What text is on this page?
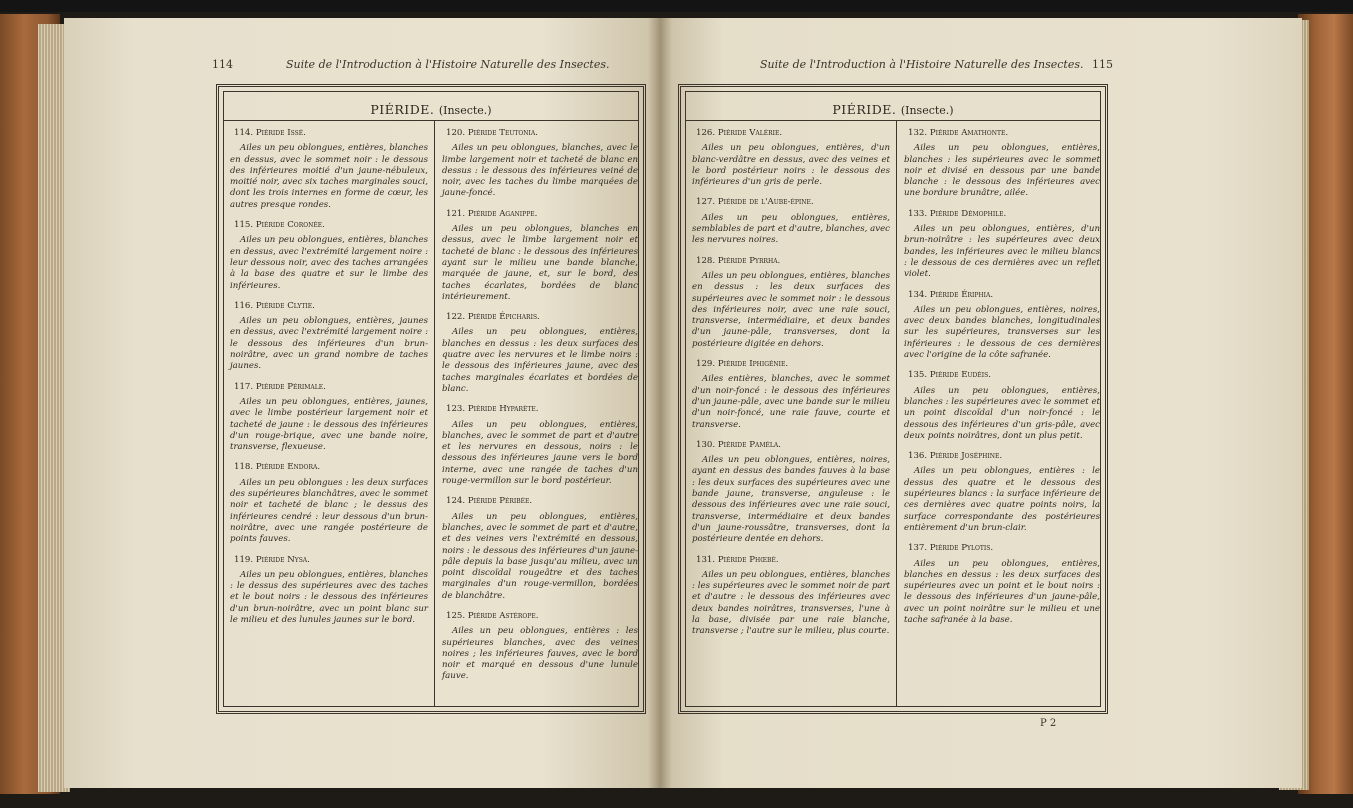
114	Suite de l'Introduction à l'Histoire Naturelle des Insectes.
PIÉRIDE. (Insecte.)
114. Piéride Issé.
Ailes un peu oblongues, entières, blanches en dessus, avec le sommet noir : le dessous des inférieures moitié d'un jaune-nébuleux, moitié noir, avec six taches marginales souci, dont les trois internes en forme de cœur, les autres presque rondes.
115. Piéride Coronée.
Ailes un peu oblongues, entières, blanches en dessus, avec l'extrémité largement noire : leur dessous noir, avec des taches arrangées à la base des quatre et sur le limbe des inférieures.
116. Piéride Clytie.
Ailes un peu oblongues, entières, jaunes en dessus, avec l'extrémité largement noire : le dessous des inférieures d'un brun-noirâtre, avec un grand nombre de taches jaunes.
117. Piéride Périmale.
Ailes un peu oblongues, entières, jaunes, avec le limbe postérieur largement noir et tacheté de jaune : le dessous des inférieures d'un rouge-brique, avec une bande noire, transverse, flexueuse.
118. Piéride Endora.
Ailes un peu oblongues : les deux surfaces des supérieures blanchâtres, avec le sommet noir et tacheté de blanc ; le dessus des inférieures cendré : leur dessous d'un brun-noirâtre, avec une rangée postérieure de points fauves.
119. Piéride Nysa.
Ailes un peu oblongues, entières, blanches : le dessus des supérieures avec des taches et le bout noirs : le dessous des inférieures d'un brun-noirâtre, avec un point blanc sur le milieu et des lunules jaunes sur le bord.
120. Piéride Teutonia.
Ailes un peu oblongues, blanches, avec le limbe largement noir et tacheté de blanc en dessus : le dessous des inférieures veiné de noir, avec les taches du limbe marquées de jaune-foncé.
121. Piéride Aganippe.
Ailes un peu oblongues, blanches en dessus, avec le limbe largement noir et tacheté de blanc : le dessous des inférieures ayant sur le milieu une bande blanche, marquée de jaune, et, sur le bord, des taches écarlates, bordées de blanc intérieurement.
122. Piéride Épicharis.
Ailes un peu oblongues, entières, blanches en dessus : les deux surfaces des quatre avec les nervures et le limbe noirs : le dessous des inférieures jaune, avec des taches marginales écarlates et bordées de blanc.
123. Piéride Hyparète.
Ailes un peu oblongues, entières, blanches, avec le sommet de part et d'autre et les nervures en dessous, noirs : le dessous des inférieures jaune vers le bord interne, avec une rangée de taches d'un rouge-vermillon sur le bord postérieur.
124. Piéride Péribée.
Ailes un peu oblongues, entières, blanches, avec le sommet de part et d'autre, et des veines vers l'extrémité en dessous, noirs : le dessous des inférieures d'un jaune-pâle depuis la base jusqu'au milieu, avec un point discoïdal rougeâtre et des taches marginales d'un rouge-vermillon, bordées de blanchâtre.
125. Piéride Astérope.
Ailes un peu oblongues, entières : les supérieures blanches, avec des veines noires ; les inférieures fauves, avec le bord noir et marqué en dessous d'une lunule fauve.
Suite de l'Introduction à l'Histoire Naturelle des Insectes. 115
PIÉRIDE. (Insecte.)
126. Piéride Valérie.
Ailes un peu oblongues, entières, d'un blanc-verdâtre en dessus, avec des veines et le bord postérieur noirs : le dessous des inférieures d'un gris de perle.
127. Piéride de l'Aube-épine.
Ailes un peu oblongues, entières, semblables de part et d'autre, blanches, avec les nervures noires.
128. Piéride Pyrrha.
Ailes un peu oblongues, entières, blanches en dessus : les deux surfaces des supérieures avec le sommet noir : le dessous des inférieures noir, avec une raie souci, transverse, intermédiaire, et deux bandes d'un jaune-pâle, transverses, dont la postérieure digitée en dehors.
129. Piéride Iphigénie.
Ailes entières, blanches, avec le sommet d'un noir-foncé : le dessous des inférieures d'un jaune-pâle, avec une bande sur le milieu d'un noir-foncé, une raie fauve, courte et transverse.
130. Piéride Paméla.
Ailes un peu oblongues, entières, noires, ayant en dessus des bandes fauves à la base : les deux surfaces des supérieures avec une bande jaune, transverse, anguleuse : le dessous des inférieures avec une raie souci, transverse, intermédiaire et deux bandes d'un jaune-roussâtre, transverses, dont la postérieure dentée en dehors.
131. Piéride Phœbé.
Ailes un peu oblongues, entières, blanches : les supérieures avec le sommet noir de part et d'autre : le dessous des inférieures avec deux bandes noirâtres, transverses, l'une à la base, divisée par une raie blanche, transverse ; l'autre sur le milieu, plus courte.
132. Piéride Amathonte.
Ailes un peu oblongues, entières, blanches : les supérieures avec le sommet noir et divisé en dessous par une bande blanche : le dessous des inférieures avec une bordure brunâtre, ailée.
133. Piéride Démophile.
Ailes un peu oblongues, entières, d'un brun-noirâtre : les supérieures avec deux bandes, les inférieures avec le milieu blancs : le dessous de ces dernières avec un reflet violet.
134. Piéride Ériphia.
Ailes un peu oblongues, entières, noires, avec deux bandes blanches, longitudinales sur les supérieures, transverses sur les inférieures : le dessous de ces dernières avec l'origine de la côte safranée.
135. Piéride Eudéis.
Ailes un peu oblongues, entières, blanches : les supérieures avec le sommet et un point discoïdal d'un noir-foncé : le dessous des inférieures d'un gris-pâle, avec deux points noirâtres, dont un plus petit.
136. Piéride Joséphine.
Ailes un peu oblongues, entières : le dessus des quatre et le dessous des supérieures blancs : la surface inférieure de ces dernières avec quatre points noirs, la surface correspondante des postérieures entièrement d'un brun-clair.
137. Piéride Pylotis.
Ailes un peu oblongues, entières, blanches en dessus : les deux surfaces des supérieures avec un point et le bout noirs : le dessous des inférieures d'un jaune-pâle, avec un point noirâtre sur le milieu et une tache safranée à la base.
P 2
